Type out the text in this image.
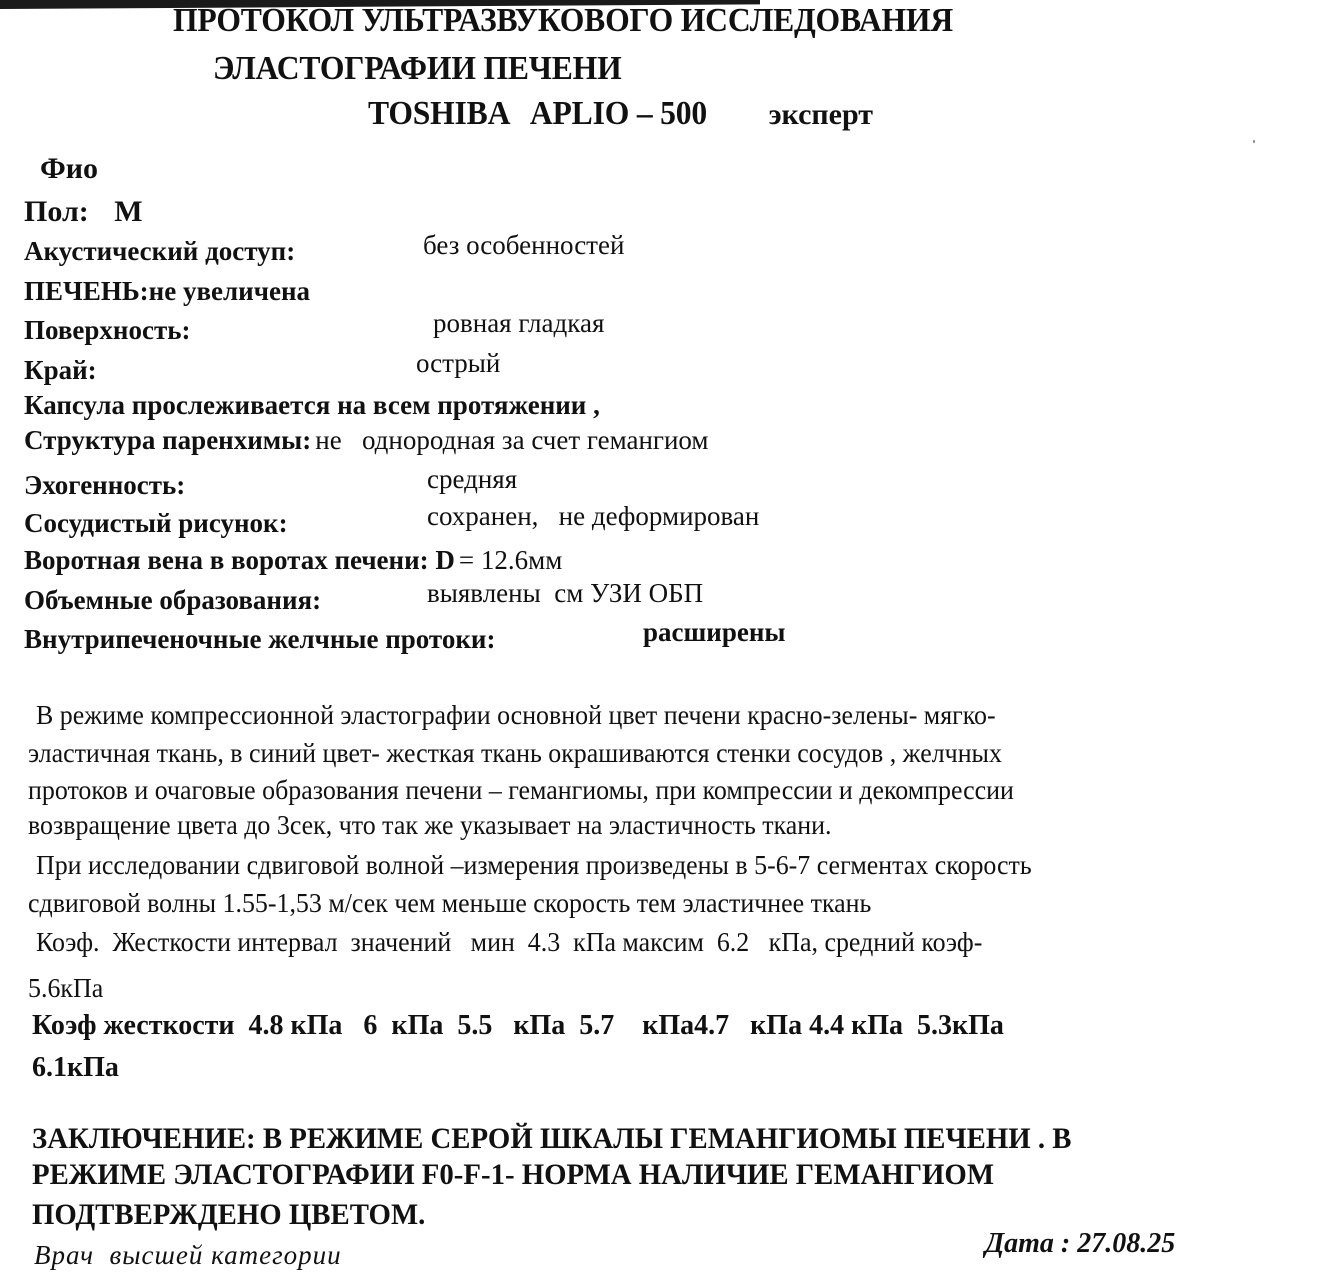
ПРОТОКОЛ УЛЬТРАЗВУКОВОГО ИССЛЕДОВАНИЯ
ЭЛАСТОГРАФИИ ПЕЧЕНИ
TOSHIBA   APLIO – 500 эксперт
Фио
Пол: М
Акустический доступ:	без особенностей
ПЕЧЕНЬ:не увеличена
Поверхность:	ровная гладкая
Край:	острый
Капсула прослеживается на всем протяжении ,
Структура паренхимы: не   однородная за счет гемангиом
Эхогенность:	средняя
Сосудистый рисунок:	сохранен,   не деформирован
Воротная вена в воротах печени: D = 12.6мм
Объемные образования:	выявлены  см УЗИ ОБП
Внутрипеченочные желчные протоки:	расширены
В режиме компрессионной эластографии основной цвет печени красно-зелены- мягко-
эластичная ткань, в синий цвет- жесткая ткань окрашиваются стенки сосудов , желчных
протоков и очаговые образования печени – гемангиомы, при компрессии и декомпрессии
возвращение цвета до 3сек, что так же указывает на эластичность ткани.
При исследовании сдвиговой волной –измерения произведены в 5-6-7 сегментах скорость
сдвиговой волны 1.55-1,53 м/сек чем меньше скорость тем эластичнее ткань
Коэф.  Жесткости интервал  значений   мин  4.3  кПа максим  6.2   кПа, средний коэф-
5.6кПа
Коэф жесткости  4.8 кПа   6  кПа  5.5   кПа  5.7    кПа4.7   кПа 4.4 кПа  5.3кПа
6.1кПа
ЗАКЛЮЧЕНИЕ: В РЕЖИМЕ СЕРОЙ ШКАЛЫ ГЕМАНГИОМЫ ПЕЧЕНИ . В
РЕЖИМЕ ЭЛАСТОГРАФИИ F0-F-1- НОРМА НАЛИЧИЕ ГЕМАНГИОМ
ПОДТВЕРЖДЕНО ЦВЕТОМ.
Врач  высшей категории	Дата : 27.08.25
